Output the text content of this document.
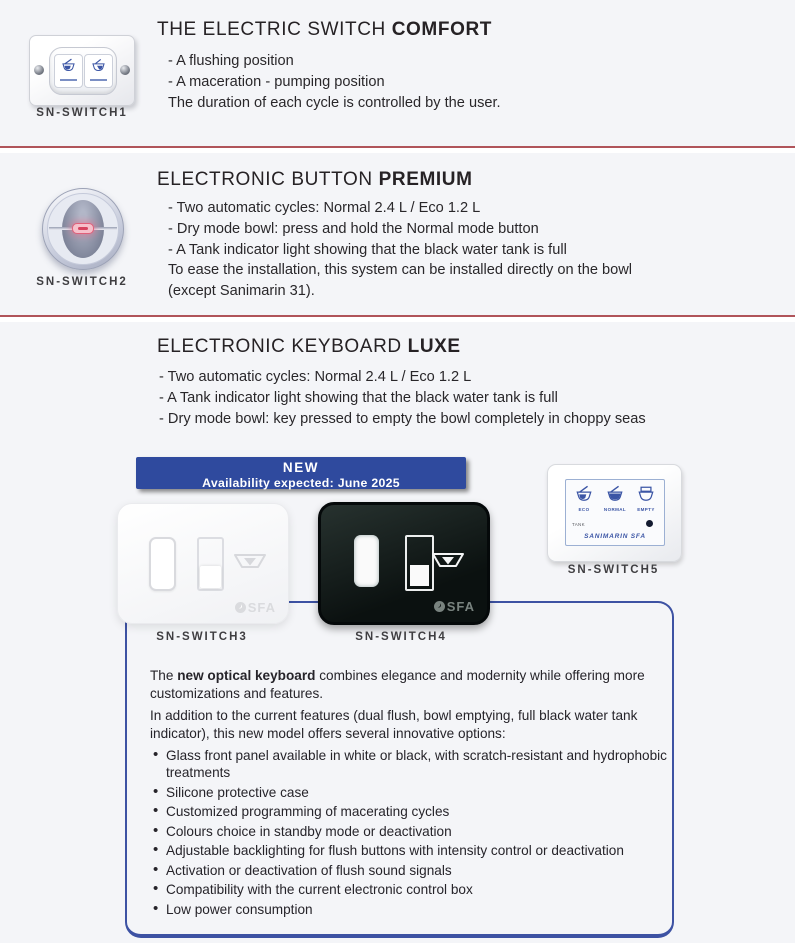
SN-SWITCH1
THE ELECTRIC SWITCH COMFORT
- A flushing position
- A maceration - pumping position
The duration of each cycle is controlled by the user.
SN-SWITCH2
ELECTRONIC BUTTON PREMIUM
- Two automatic cycles: Normal 2.4 L / Eco 1.2 L
- Dry mode bowl: press and hold the Normal mode button
- A Tank indicator light showing that the black water tank is full
To ease the installation, this system can be installed directly on the bowl
(except Sanimarin 31).
ELECTRONIC KEYBOARD LUXE
- Two automatic cycles: Normal 2.4 L / Eco 1.2 L
- A Tank indicator light showing that the black water tank is full
- Dry mode bowl: key pressed to empty the bowl completely in choppy seas
NEW
Availability expected: June 2025

The new optical keyboard combines elegance and modernity while offering more customizations and features.

In addition to the current features (dual flush, bowl emptying, full black water tank indicator), this new model offers several innovative options:

• Glass front panel available in white or black, with scratch-resistant and hydrophobic treatments
• Silicone protective case
• Customized programming of macerating cycles
• Colours choice in standby mode or deactivation
• Adjustable backlighting for flush buttons with intensity control or deactivation
• Activation or deactivation of flush sound signals
• Compatibility with the current electronic control box
• Low power consumption
SFA
SN-SWITCH3
SFA
SN-SWITCH4
ECO	NORMAL	EMPTY
TANK
SANIMARIN SFA
SN-SWITCH5
